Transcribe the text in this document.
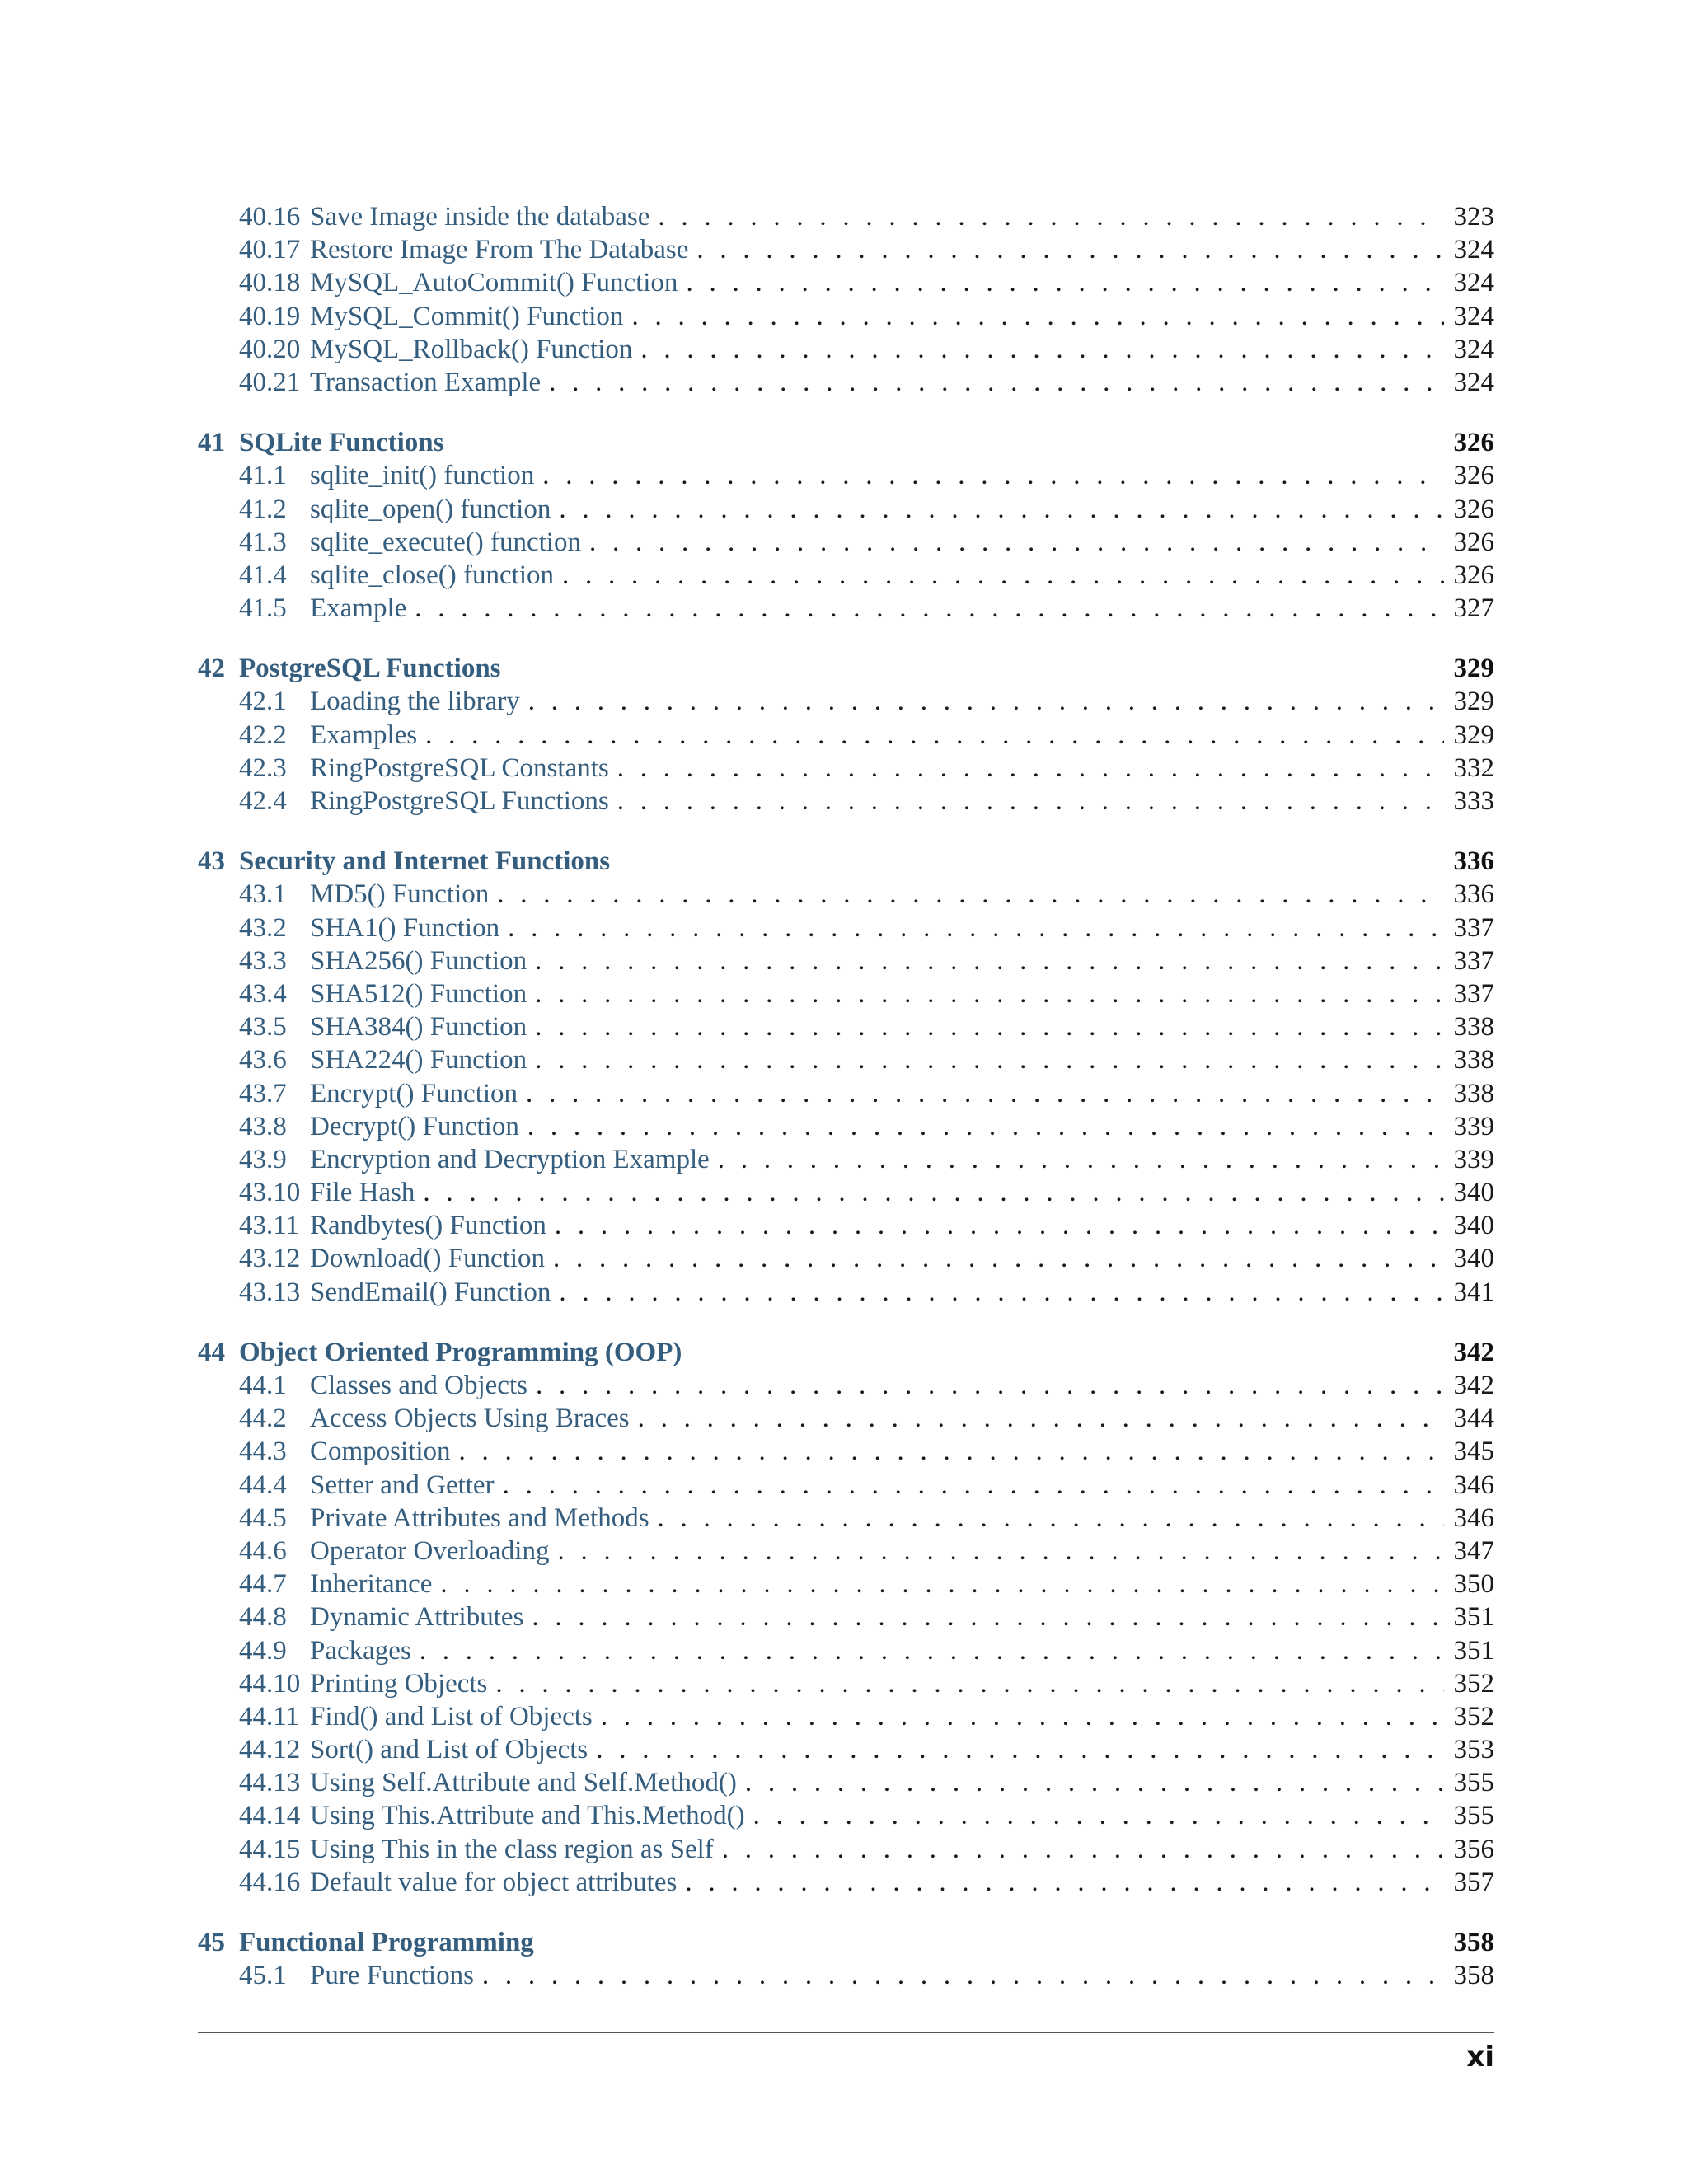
40.16 Save Image inside the database . . .	323
40.17 Restore Image From The Database . . .	324
40.18 MySQL_AutoCommit() Function . . .	324
40.19 MySQL_Commit() Function . . .	324
40.20 MySQL_Rollback() Function . . .	324
40.21 Transaction Example . . .	324
41 SQLite Functions	326
41.1 sqlite_init() function . . .	326
41.2 sqlite_open() function . . .	326
41.3 sqlite_execute() function . . .	326
41.4 sqlite_close() function . . .	326
41.5 Example . . .	327
42 PostgreSQL Functions	329
42.1 Loading the library . . .	329
42.2 Examples . . .	329
42.3 RingPostgreSQL Constants . . .	332
42.4 RingPostgreSQL Functions . . .	333
43 Security and Internet Functions	336
43.1 MD5() Function . . .	336
43.2 SHA1() Function . . .	337
43.3 SHA256() Function . . .	337
43.4 SHA512() Function . . .	337
43.5 SHA384() Function . . .	338
43.6 SHA224() Function . . .	338
43.7 Encrypt() Function . . .	338
43.8 Decrypt() Function . . .	339
43.9 Encryption and Decryption Example . . .	339
43.10 File Hash . . .	340
43.11 Randbytes() Function . . .	340
43.12 Download() Function . . .	340
43.13 SendEmail() Function . . .	341
44 Object Oriented Programming (OOP)	342
44.1 Classes and Objects . . .	342
44.2 Access Objects Using Braces . . .	344
44.3 Composition . . .	345
44.4 Setter and Getter . . .	346
44.5 Private Attributes and Methods . . .	346
44.6 Operator Overloading . . .	347
44.7 Inheritance . . .	350
44.8 Dynamic Attributes . . .	351
44.9 Packages . . .	351
44.10 Printing Objects . . .	352
44.11 Find() and List of Objects . . .	352
44.12 Sort() and List of Objects . . .	353
44.13 Using Self.Attribute and Self.Method() . . .	355
44.14 Using This.Attribute and This.Method() . . .	355
44.15 Using This in the class region as Self . . .	356
44.16 Default value for object attributes . . .	357
45 Functional Programming	358
45.1 Pure Functions . . .	358
xi
